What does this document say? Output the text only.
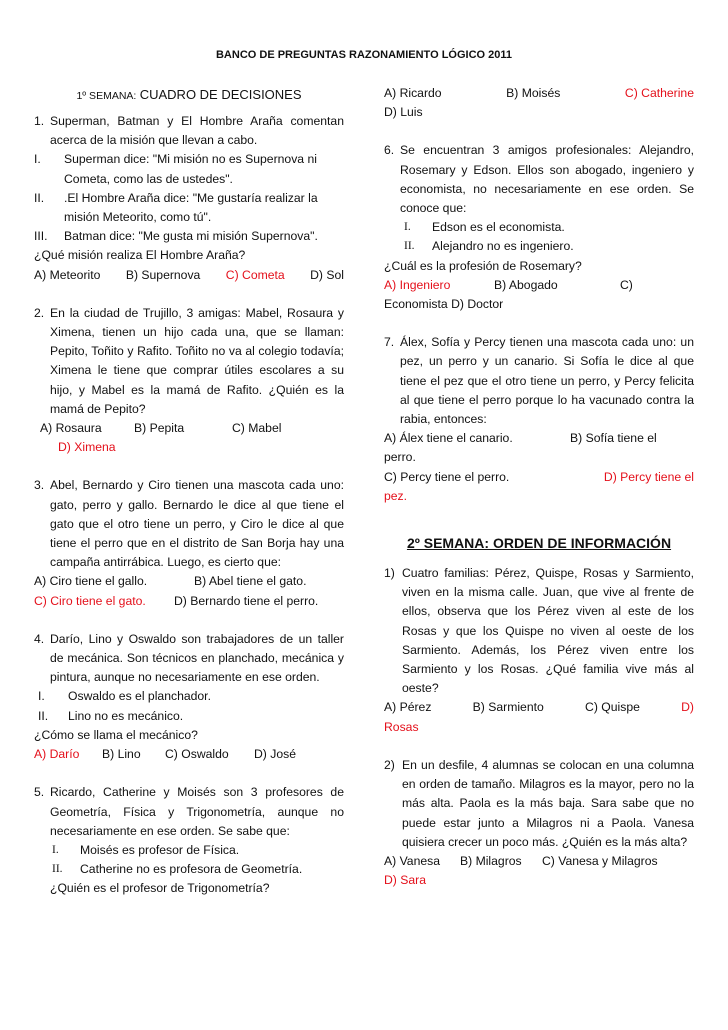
BANCO DE PREGUNTAS RAZONAMIENTO LÓGICO 2011
1º SEMANA: CUADRO DE DECISIONES
1. Superman, Batman y El Hombre Araña comentan acerca de la misión que llevan a cabo.
I.	Superman dice: "Mi misión no es Supernova ni Cometa, como las de ustedes".
II.	.El Hombre Araña dice: "Me gustaría realizar la misión Meteorito, como tú".
III.	Batman dice: "Me gusta mi misión Supernova".
¿Qué misión realiza El Hombre Araña?
A) Meteorito B) Supernova C) Cometa D) Sol
2. En la ciudad de Trujillo, 3 amigas: Mabel, Rosaura y Ximena, tienen un hijo cada una, que se llaman: Pepito, Toñito y Rafito. Toñito no va al colegio todavía; Ximena le tiene que comprar útiles escolares a su hijo, y Mabel es la mamá de Rafito. ¿Quién es la mamá de Pepito?
A) Rosaura	B) Pepita	C) Mabel
D) Ximena
3. Abel, Bernardo y Ciro tienen una mascota cada uno: gato, perro y gallo. Bernardo le dice al que tiene el gato que el otro tiene un perro, y Ciro le dice al que tiene el perro que en el distrito de San Borja hay una campaña antirrábica. Luego, es cierto que:
A) Ciro tiene el gallo.	B) Abel tiene el gato.
C) Ciro tiene el gato.	D) Bernardo tiene el perro.
4. Darío, Lino y Oswaldo son trabajadores de un taller de mecánica. Son técnicos en planchado, mecánica y pintura, aunque no necesariamente en ese orden.
I.	Oswaldo es el planchador.
II.	Lino no es mecánico.
¿Cómo se llama el mecánico?
A) Darío	B) Lino	C) Oswaldo	D) José
5. Ricardo, Catherine y Moisés son 3 profesores de Geometría, Física y Trigonometría, aunque no necesariamente en ese orden. Se sabe que:
I.	Moisés es profesor de Física.
II.	Catherine no es profesora de Geometría.
¿Quién es el profesor de Trigonometría?
A) Ricardo	B) Moisés	C) Catherine
D) Luis
6. Se encuentran 3 amigos profesionales: Alejandro, Rosemary y Edson. Ellos son abogado, ingeniero y economista, no necesariamente en ese orden. Se conoce que:
I.	Edson es el economista.
II.	Alejandro no es ingeniero.
¿Cuál es la profesión de Rosemary?
A) Ingeniero	B) Abogado	C)
Economista D) Doctor
7. Álex, Sofía y Percy tienen una mascota cada uno: un pez, un perro y un canario. Si Sofía le dice al que tiene el pez que el otro tiene un perro, y Percy felicita al que tiene el perro porque lo ha vacunado contra la rabia, entonces:
A) Álex tiene el canario.	B) Sofía tiene el
perro.
C) Percy tiene el perro.	D) Percy tiene el
pez.
2º SEMANA: ORDEN DE INFORMACIÓN
1) Cuatro familias: Pérez, Quispe, Rosas y Sarmiento, viven en la misma calle. Juan, que vive al frente de ellos, observa que los Pérez viven al este de los Rosas y que los Quispe no viven al oeste de los Sarmiento. Además, los Pérez viven entre los Sarmiento y los Rosas. ¿Qué familia vive más al oeste?
A) Pérez	B) Sarmiento	C) Quispe	D)
Rosas
2) En un desfile, 4 alumnas se colocan en una columna en orden de tamaño. Milagros es la mayor, pero no la más alta. Paola es la más baja. Sara sabe que no puede estar junto a Milagros ni a Paola. Vanesa quisiera crecer un poco más. ¿Quién es la más alta?
A) Vanesa	B) Milagros	C) Vanesa y Milagros
D) Sara
